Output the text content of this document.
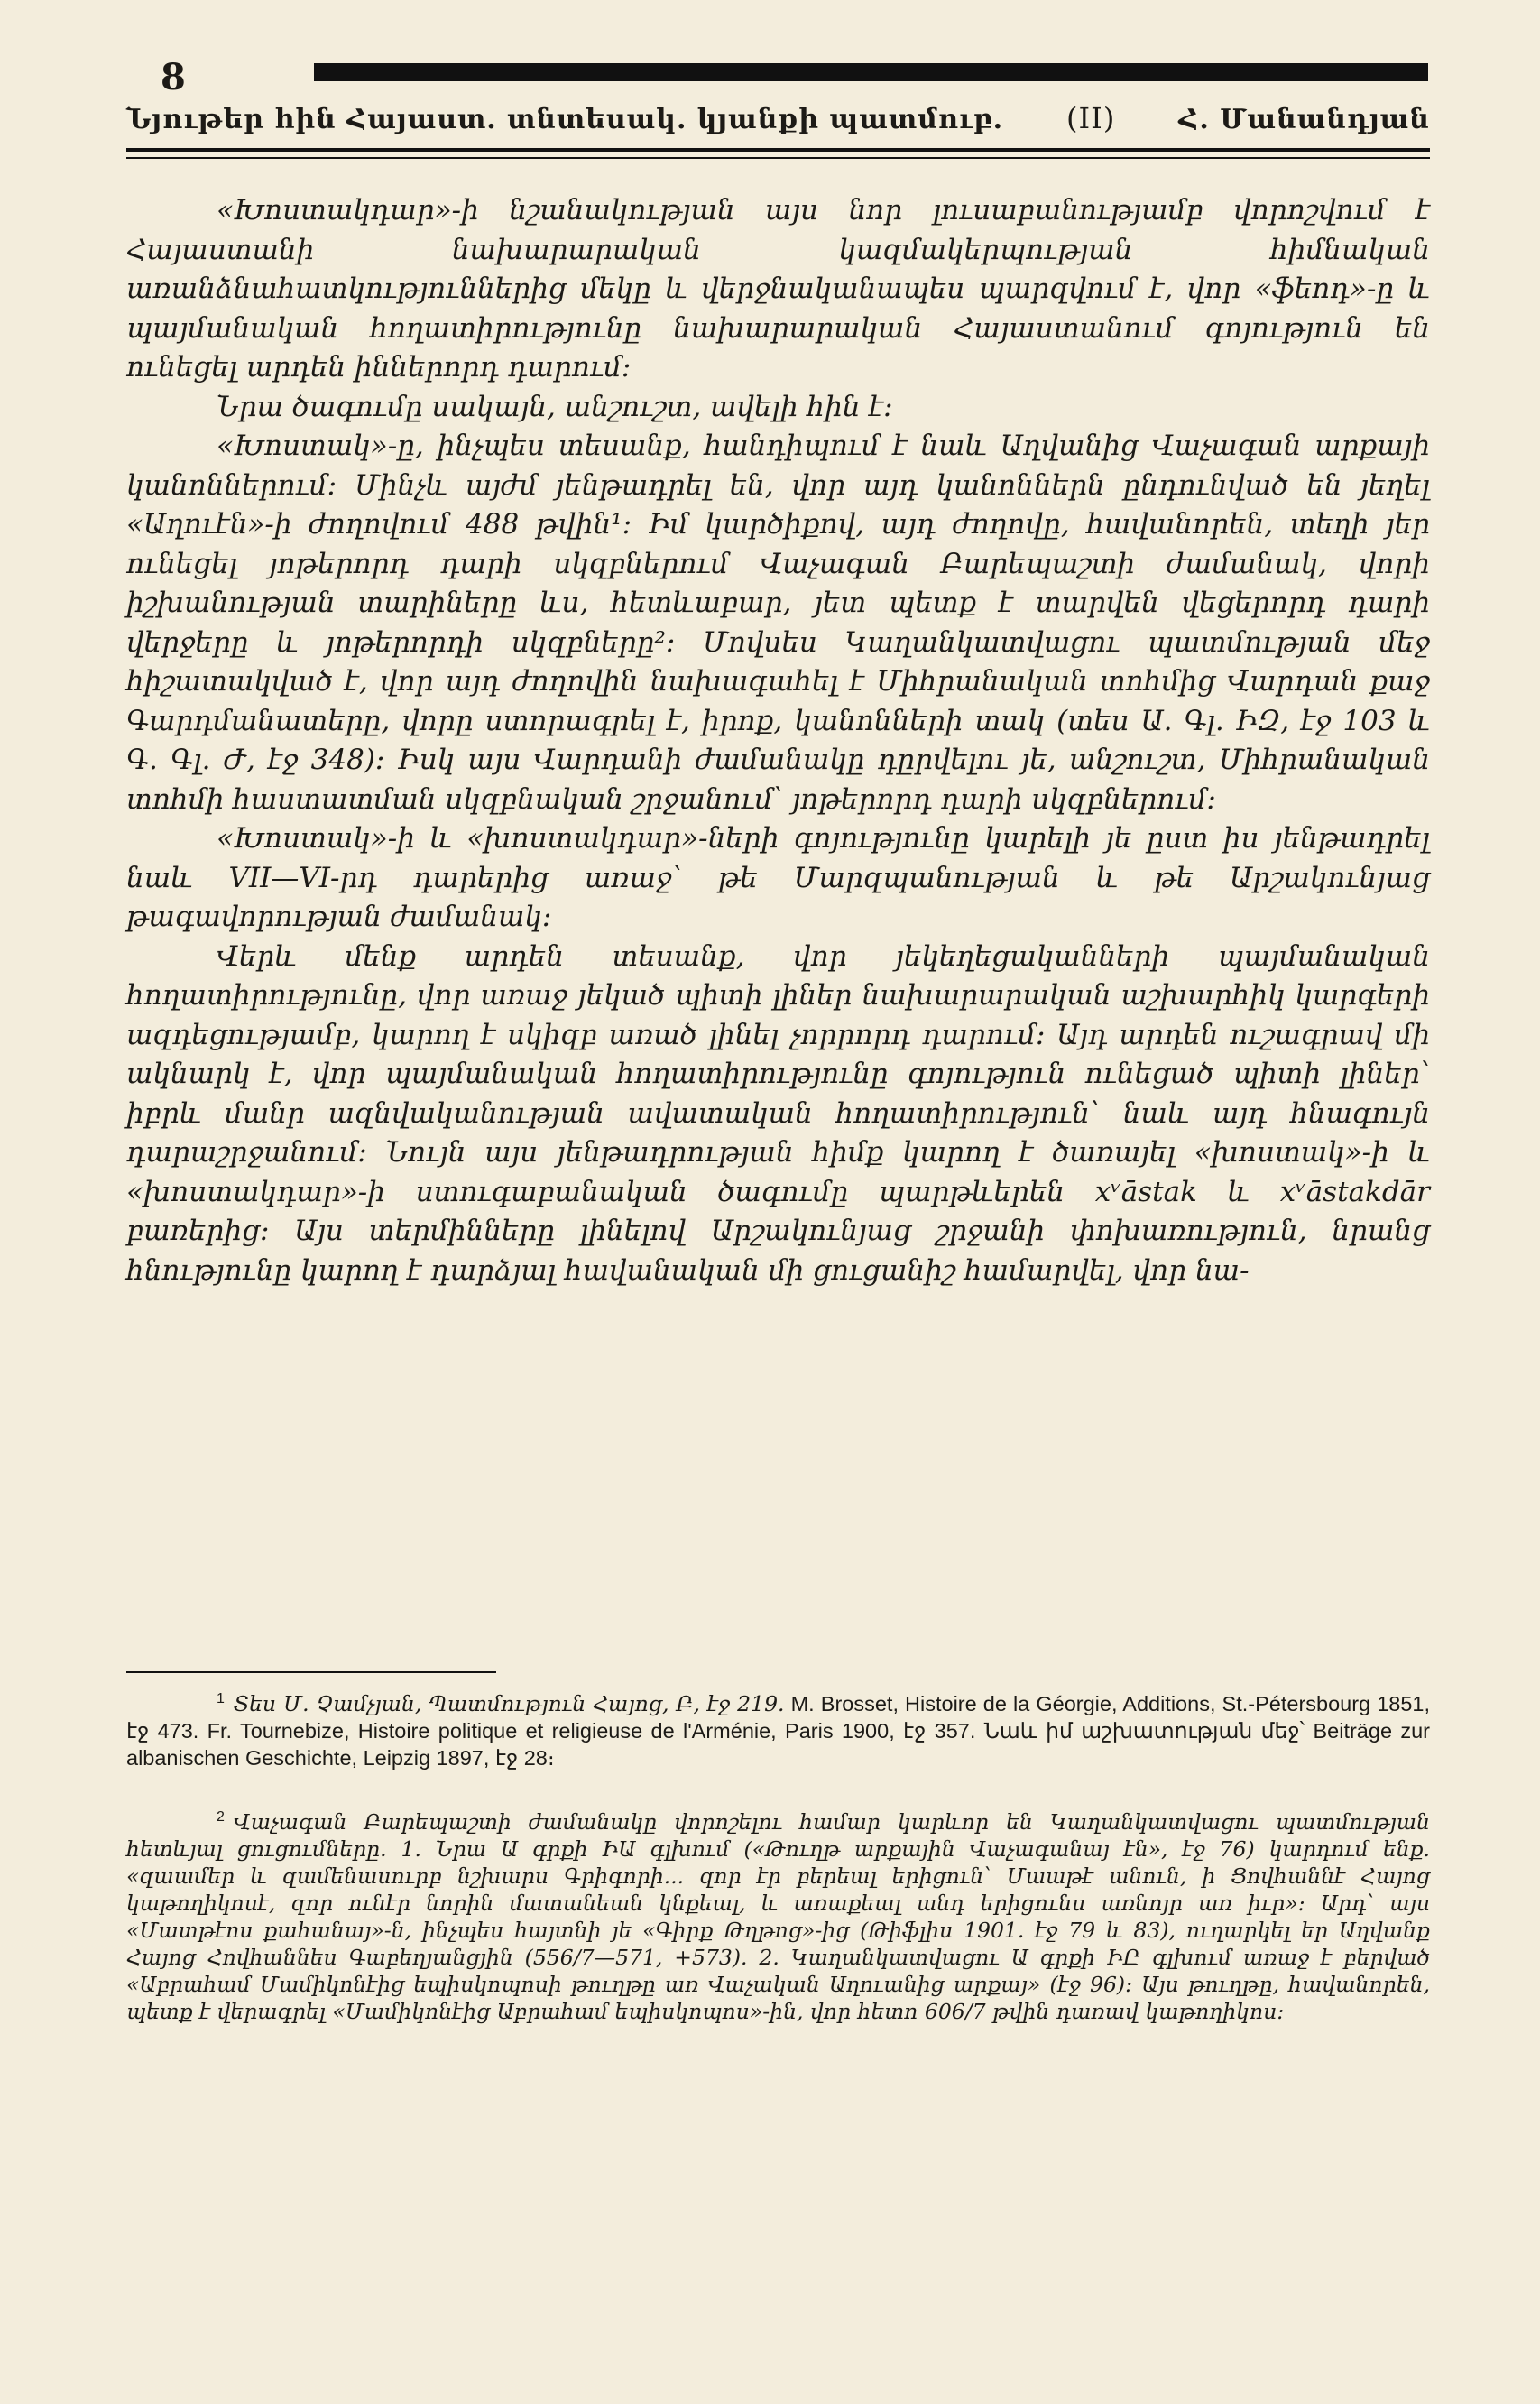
8
Նյութեր հին Հայաստ. տնտեսակ. կյանքի պատմուբ. (II) Հ. Մանանդյան

«Խոստակդար»-ի նշանակության այս նոր լուսաբանությամբ վորոշվում է Հայաստանի նախարարական կազմակերպության հիմնական առանձնահատկություններից մեկը և վերջնականապես պարզվում է, վոր «ֆեոդ»-ը և պայմանական հողատիրությունը նախարարական Հայաստանում գոյություն են ունեցել արդեն իններորդ դարում։

Նրա ծագումը սակայն, անշուշտ, ավելի հին է։

«Խոստակ»-ը, ինչպես տեսանք, հանդիպում է նաև Աղվանից Վաչագան արքայի կանոններում։ Մինչև այժմ յենթադրել են, վոր այդ կանոններն ընդունված են յեղել «Աղուէն»-ի ժողովում 488 թվին¹։ Իմ կարծիքով, այդ ժողովը, հավանորեն, տեղի յեր ունեցել յոթերորդ դարի սկզբներում Վաչագան Բարեպաշտի ժամանակ, վորի իշխանության տարիները ևս, հետևաբար, յետ պետք է տարվեն վեցերորդ դարի վերջերը և յոթերորդի սկզբները²։ Մովսես Կաղանկատվացու պատմության մեջ հիշատակված է, վոր այդ ժողովին նախագահել է Միհրանական տոհմից Վարդան քաջ Գարդմանատերը, վորը ստորագրել է, իրոք, կանոնների տակ (տես Ա. Գլ. ԻԶ, էջ 103 և Գ. Գլ. Ժ, էջ 348)։ Իսկ այս Վարդանի ժամանակը դըրվելու յե, անշուշտ, Միհրանական տոհմի հաստատման սկզբնական շրջանում՝ յոթերորդ դարի սկզբներում։

«Խոստակ»-ի և «խոստակդար»-ների գոյությունը կարելի յե ըստ իս յենթադրել նաև VII—VI-րդ դարերից առաջ՝ թե Մարզպանության և թե Արշակունյաց թագավորության ժամանակ։

Վերև մենք արդեն տեսանք, վոր յեկեղեցականների պայմանական հողատիրությունը, վոր առաջ յեկած պիտի լիներ նախարարական աշխարհիկ կարգերի ազդեցությամբ, կարող է սկիզբ առած լինել չորրորդ դարում։ Այդ արդեն ուշագրավ մի ակնարկ է, վոր պայմանական հողատիրությունը գոյություն ունեցած պիտի լիներ՝ իբրև մանր ազնվականության ավատական հողատիրություն՝ նաև այդ հնագույն դարաշրջանում։ Նույն այս յենթադրության հիմք կարող է ծառայել «խոստակ»-ի և «խոստակդար»-ի ստուգաբանական ծագումը պարթևերեն xᵛāstak և xᵛāstakdār բառերից։ Այս տերմինները լինելով Արշակունյաց շրջանի փոխառություն, նրանց հնությունը կարող է դարձյալ հավանական մի ցուցանիշ համարվել, վոր նա-

$^1$ Տես Մ. Չամչյան, Պատմություն Հայոց, Բ, էջ 219. M. Brosset, Histoire de la Géorgie, Additions, St.-Pétersbourg 1851, էջ 473. Fr. Tournebize, Histoire politique et religieuse de l'Arménie, Paris 1900, էջ 357. Նաև իմ աշխատության մեջ՝ Beiträge zur albanischen Geschichte, Leipzig 1897, էջ 28։

$^2$ Վաչագան Բարեպաշտի ժամանակը վորոշելու համար կարևոր են Կաղանկատվացու պատմության հետևյալ ցուցումները. 1. Նրա Ա գրքի ԻԱ գլխում («Թուղթ արքային Վաչագանայ էն», էջ 76) կարդում ենք. «զաամեր և զամենասուրբ նշխարս Գրիգորի... զոր էր բերեալ երիցուն՝ Մաաթէ անուն, ի Ցովհաննէ Հայոց կաթողիկոսէ, զոր ունէր նորին մատանեան կնքեալ, և առաքեալ անդ երիցունս առնոյր առ իւր»։ Արդ՝ այս «Մատթէոս քահանայ»-ն, ինչպես հայտնի յե «Գիրք Թղթոց»-ից (Թիֆլիս 1901. էջ 79 և 83), ուղարկել եր Աղվանք Հայոց Հովհաննես Գաբեղյանցյին (556/7—571, +573). 2. Կաղանկատվացու Ա գրքի ԻԸ գլխում առաջ է բերված «Աբրահամ Մամիկոնէից եպիսկոպոսի թուղթը առ Վաչական Աղուանից արքայ» (էջ 96)։ Այս թուղթը, հավանորեն, պետք է վերագրել «Մամիկոնէից Աբրահամ եպիսկոպոս»-ին, վոր հետո 606/7 թվին դառավ կաթողիկոս։
